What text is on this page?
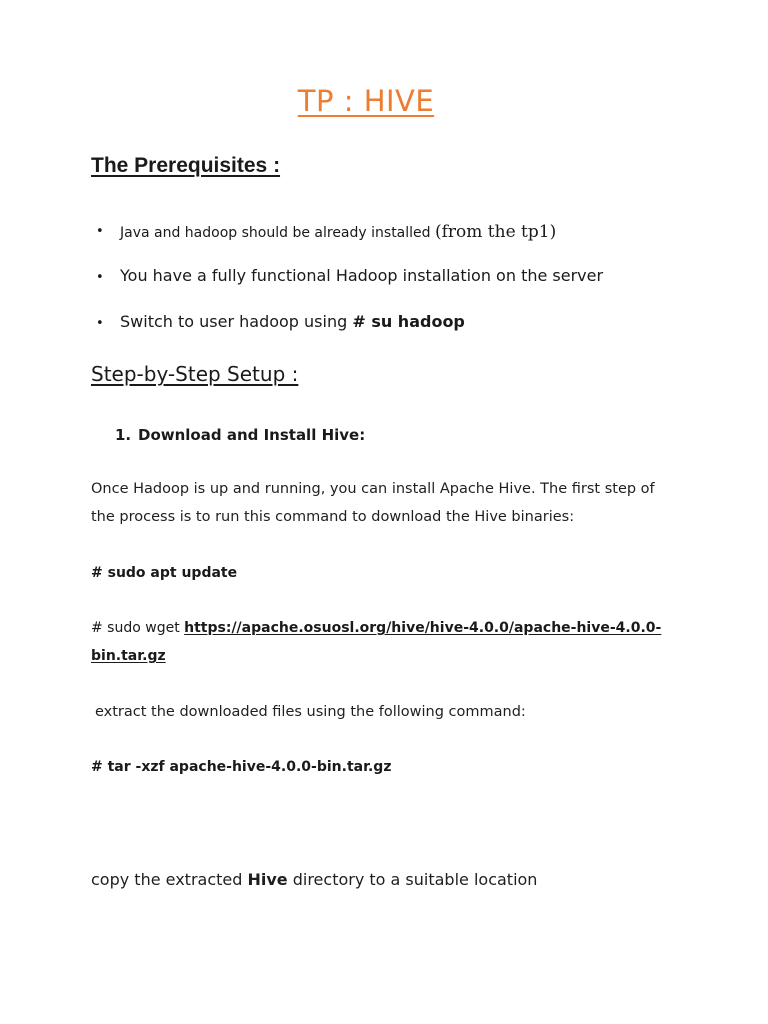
TP : HIVE
The Prerequisites :
• Java and hadoop should be already installed (from the tp1)
• You have a fully functional Hadoop installation on the server
• Switch to user hadoop using # su hadoop
Step-by-Step Setup :
1. Download and Install Hive:
Once Hadoop is up and running, you can install Apache Hive. The first step of
the process is to run this command to download the Hive binaries:
# sudo apt update
# sudo wget https://apache.osuosl.org/hive/hive-4.0.0/apache-hive-4.0.0-
bin.tar.gz
extract the downloaded files using the following command:
# tar -xzf apache-hive-4.0.0-bin.tar.gz
copy the extracted Hive directory to a suitable location
